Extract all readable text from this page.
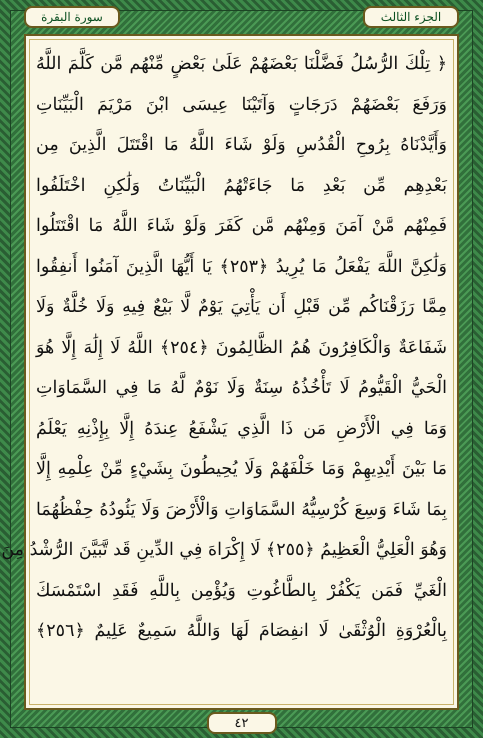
سورة البقرة	الجزء الثالث
﴿ تِلْكَ الرُّسُلُ فَضَّلْنَا بَعْضَهُمْ عَلَىٰ بَعْضٍ مِّنْهُم مَّن كَلَّمَ اللَّهُ
وَرَفَعَ بَعْضَهُمْ دَرَجَاتٍ وَآتَيْنَا عِيسَى ابْنَ مَرْيَمَ الْبَيِّنَاتِ
وَأَيَّدْنَاهُ بِرُوحِ الْقُدُسِ وَلَوْ شَاءَ اللَّهُ مَا اقْتَتَلَ الَّذِينَ مِن
بَعْدِهِم مِّن بَعْدِ مَا جَاءَتْهُمُ الْبَيِّنَاتُ وَلَٰكِنِ اخْتَلَفُوا
فَمِنْهُم مَّنْ آمَنَ وَمِنْهُم مَّن كَفَرَ وَلَوْ شَاءَ اللَّهُ مَا اقْتَتَلُوا
وَلَٰكِنَّ اللَّهَ يَفْعَلُ مَا يُرِيدُ ﴿٢٥٣﴾ يَا أَيُّهَا الَّذِينَ آمَنُوا أَنفِقُوا
مِمَّا رَزَقْنَاكُم مِّن قَبْلِ أَن يَأْتِيَ يَوْمٌ لَّا بَيْعٌ فِيهِ وَلَا خُلَّةٌ وَلَا
شَفَاعَةٌ وَالْكَافِرُونَ هُمُ الظَّالِمُونَ ﴿٢٥٤﴾ اللَّهُ لَا إِلَٰهَ إِلَّا هُوَ
الْحَيُّ الْقَيُّومُ لَا تَأْخُذُهُ سِنَةٌ وَلَا نَوْمٌ لَّهُ مَا فِي السَّمَاوَاتِ
وَمَا فِي الْأَرْضِ مَن ذَا الَّذِي يَشْفَعُ عِندَهُ إِلَّا بِإِذْنِهِ يَعْلَمُ
مَا بَيْنَ أَيْدِيهِمْ وَمَا خَلْفَهُمْ وَلَا يُحِيطُونَ بِشَيْءٍ مِّنْ عِلْمِهِ إِلَّا
بِمَا شَاءَ وَسِعَ كُرْسِيُّهُ السَّمَاوَاتِ وَالْأَرْضَ وَلَا يَئُودُهُ حِفْظُهُمَا
وَهُوَ الْعَلِيُّ الْعَظِيمُ ﴿٢٥٥﴾ لَا إِكْرَاهَ فِي الدِّينِ قَد تَّبَيَّنَ الرُّشْدُ مِنَ
الْغَيِّ فَمَن يَكْفُرْ بِالطَّاغُوتِ وَيُؤْمِن بِاللَّهِ فَقَدِ اسْتَمْسَكَ
بِالْعُرْوَةِ الْوُثْقَىٰ لَا انفِصَامَ لَهَا وَاللَّهُ سَمِيعٌ عَلِيمٌ ﴿٢٥٦﴾
٤٢
